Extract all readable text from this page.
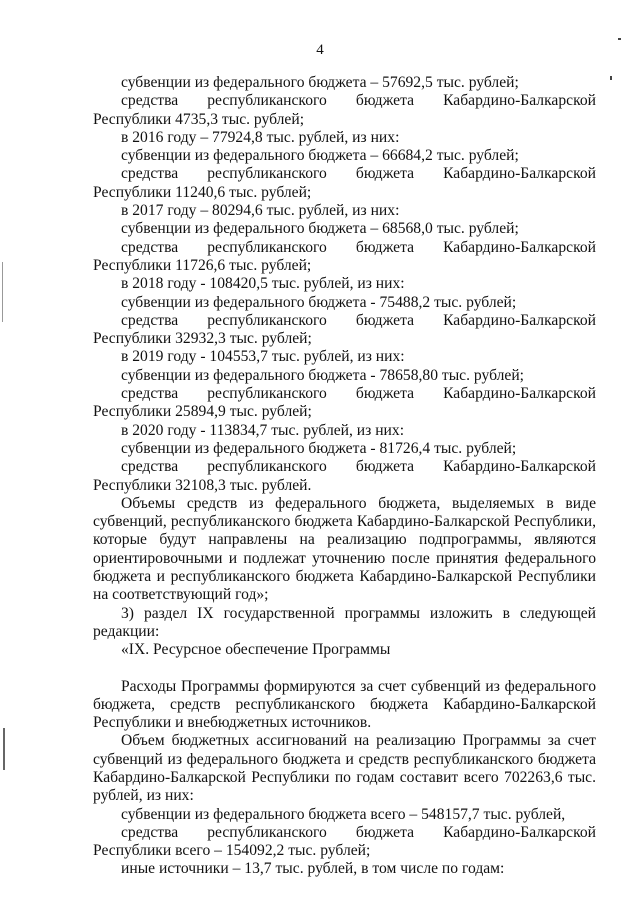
4

субвенции из федерального бюджета – 57692,5 тыс. рублей;

средства республиканского бюджета Кабардино-Балкарской Республики 4735,3 тыс. рублей;

в 2016 году – 77924,8 тыс. рублей, из них:

субвенции из федерального бюджета – 66684,2 тыс. рублей;

средства республиканского бюджета Кабардино-Балкарской Республики 11240,6 тыс. рублей;

в 2017 году – 80294,6 тыс. рублей, из них:

субвенции из федерального бюджета – 68568,0 тыс. рублей;

средства республиканского бюджета Кабардино-Балкарской Республики 11726,6 тыс. рублей;

в 2018 году - 108420,5 тыс. рублей, из них:

субвенции из федерального бюджета - 75488,2 тыс. рублей;

средства республиканского бюджета Кабардино-Балкарской Республики 32932,3 тыс. рублей;

в 2019 году - 104553,7 тыс. рублей, из них:

субвенции из федерального бюджета - 78658,80 тыс. рублей;

средства республиканского бюджета Кабардино-Балкарской Республики 25894,9 тыс. рублей;

в 2020 году - 113834,7 тыс. рублей, из них:

субвенции из федерального бюджета - 81726,4 тыс. рублей;

средства республиканского бюджета Кабардино-Балкарской Республики 32108,3 тыс. рублей.

Объемы средств из федерального бюджета, выделяемых в виде субвенций, республиканского бюджета Кабардино-Балкарской Республики, которые будут направлены на реализацию подпрограммы, являются ориентировочными и подлежат уточнению после принятия федерального бюджета и республиканского бюджета Кабардино-Балкарской Республики на соответствующий год»;

3) раздел IX государственной программы изложить в следующей редакции:

«IX. Ресурсное обеспечение Программы

Расходы Программы формируются за счет субвенций из федерального бюджета, средств республиканского бюджета Кабардино-Балкарской Республики и внебюджетных источников.

Объем бюджетных ассигнований на реализацию Программы за счет субвенций из федерального бюджета и средств республиканского бюджета Кабардино-Балкарской Республики по годам составит всего 702263,6 тыс. рублей, из них:

субвенции из федерального бюджета всего – 548157,7 тыс. рублей,

средства республиканского бюджета Кабардино-Балкарской Республики всего – 154092,2 тыс. рублей;

иные источники – 13,7 тыс. рублей, в том числе по годам:
